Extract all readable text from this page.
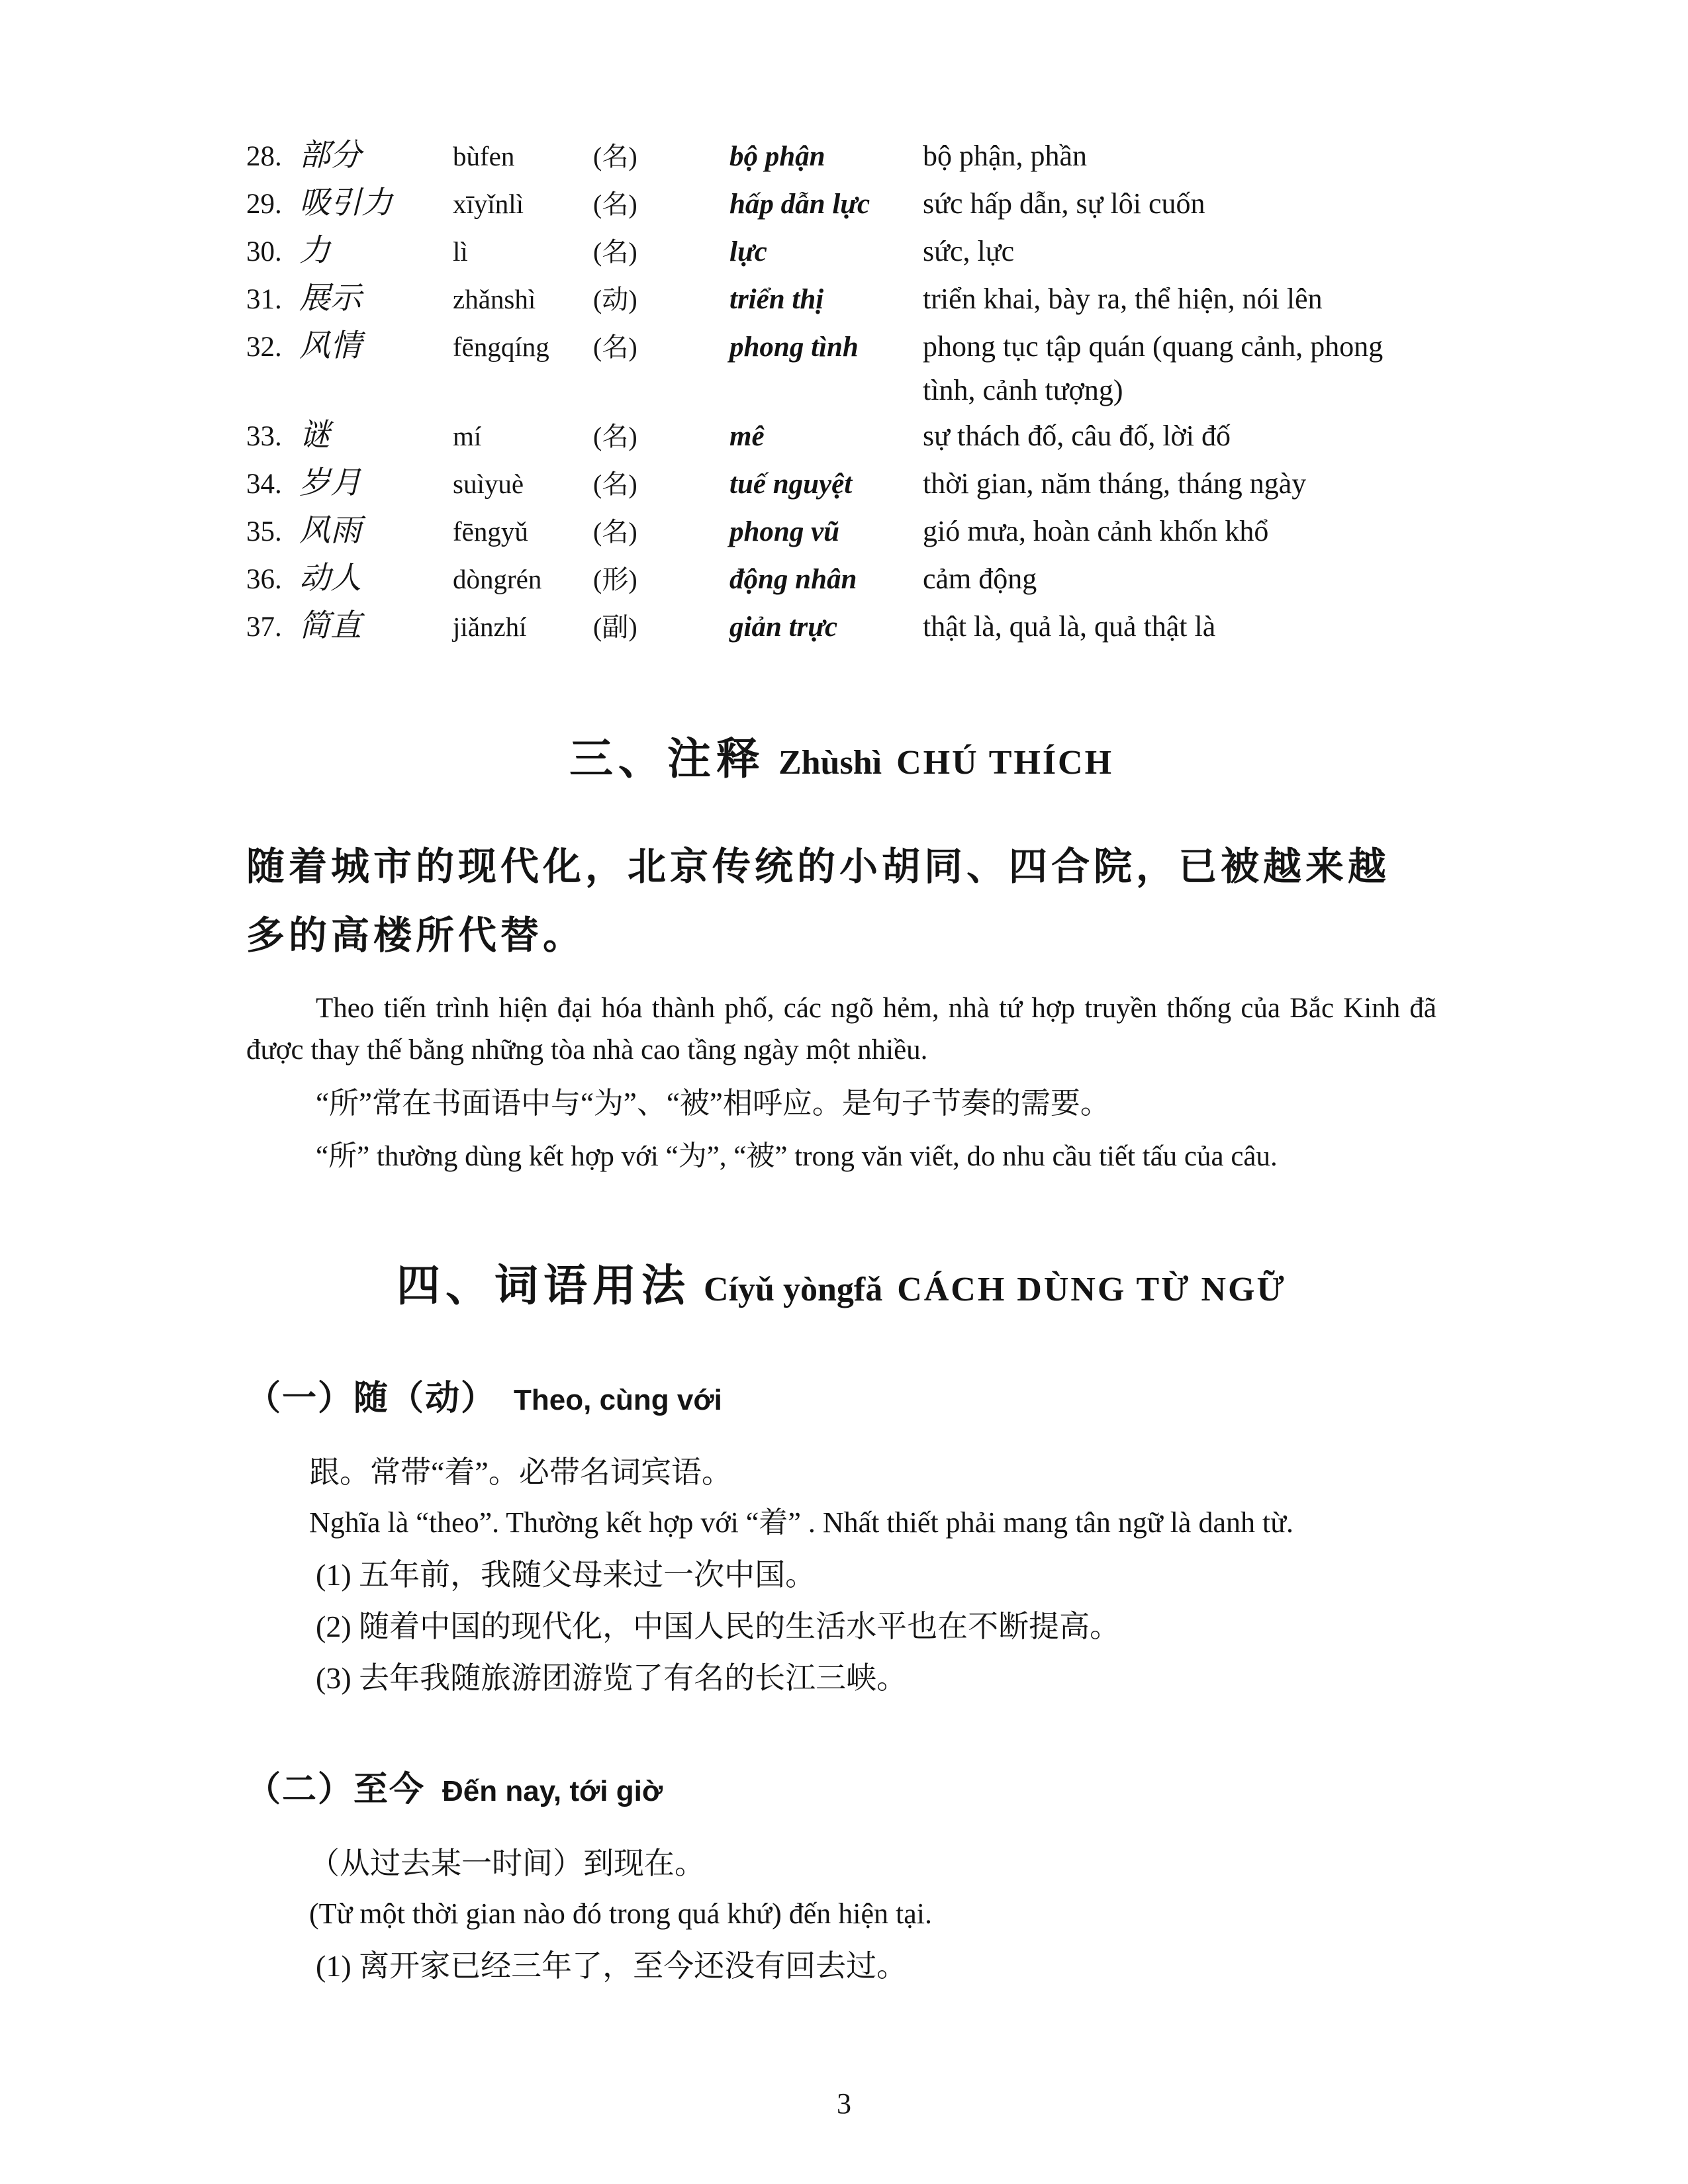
28. 部分	bùfen	(名)	bộ phận	bộ phận, phần
29. 吸引力	xīyǐnlì	(名)	hấp dẫn lực	sức hấp dẫn, sự lôi cuốn
30. 力	lì	(名)	lực	sức, lực
31. 展示	zhǎnshì	(动)	triển thị	triển khai, bày ra, thể hiện, nói lên
32. 风情	fēngqíng	(名)	phong tình	phong tục tập quán (quang cảnh, phong tình, cảnh tượng)
33. 谜	mí	(名)	mê	sự thách đố, câu đố, lời đố
34. 岁月	suìyuè	(名)	tuế nguyệt	thời gian, năm tháng, tháng ngày
35. 风雨	fēngyǔ	(名)	phong vũ	gió mưa, hoàn cảnh khốn khổ
36. 动人	dòngrén	(形)	động nhân	cảm động
37. 简直	jiǎnzhí	(副)	giản trực	thật là, quả là, quả thật là
三、注释 Zhùshì CHÚ THÍCH
随着城市的现代化，北京传统的小胡同、四合院，已被越来越多的高楼所代替。
Theo tiến trình hiện đại hóa thành phố, các ngõ hẻm, nhà tứ hợp truyền thống của Bắc Kinh đã được thay thế bằng những tòa nhà cao tầng ngày một nhiều.
“所”常在书面语中与“为”、“被”相呼应。是句子节奏的需要。
“所” thường dùng kết hợp với “为”, “被” trong văn viết, do nhu cầu tiết tấu của câu.
四、词语用法 Cíyǔ yòngfǎ CÁCH DÙNG TỪ NGỮ
（一）随（动） Theo, cùng với
跟。常带“着”。必带名词宾语。
Nghĩa là “theo”. Thường kết hợp với “着” . Nhất thiết phải mang tân ngữ là danh từ.
(1) 五年前，我随父母来过一次中国。
(2) 随着中国的现代化，中国人民的生活水平也在不断提高。
(3) 去年我随旅游团游览了有名的长江三峡。
（二）至今 Đến nay, tới giờ
（从过去某一时间）到现在。
(Từ một thời gian nào đó trong quá khứ) đến hiện tại.
(1) 离开家已经三年了，至今还没有回去过。
3
